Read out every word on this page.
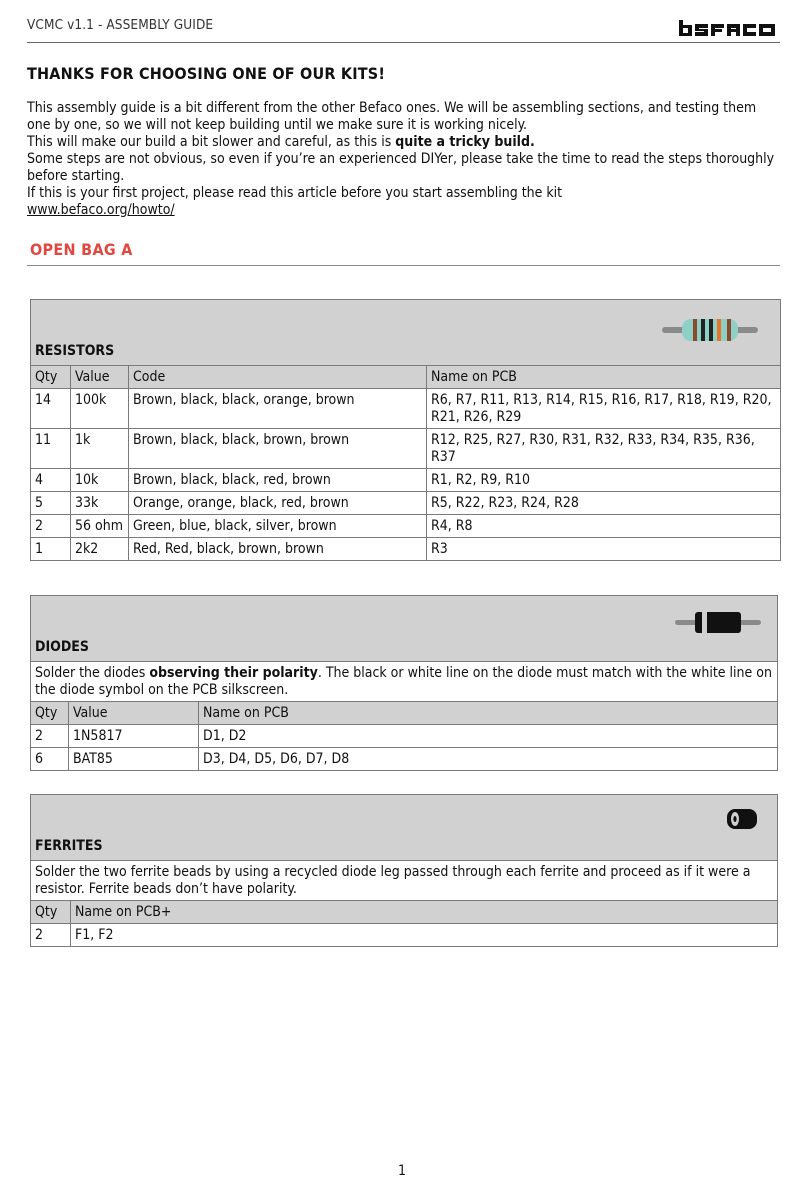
VCMC v1.1 - ASSEMBLY GUIDE
THANKS FOR CHOOSING ONE OF OUR KITS!

This assembly guide is a bit different from the other Befaco ones. We will be assembling sections, and testing them one by one, so we will not keep building until we make sure it is working nicely.

This will make our build a bit slower and careful, as this is quite a tricky build.

Some steps are not obvious, so even if you’re an experienced DIYer, please take the time to read the steps thoroughly before starting.

If this is your first project, please read this article before you start assembling the kit

www.befaco.org/howto/

OPEN BAG A
RESISTORS			

Qty	Value	Code	Name on PCB
14	100k	Brown, black, black, orange, brown	R6, R7, R11, R13, R14, R15, R16, R17, R18, R19, R20, R21, R26, R29
11	1k	Brown, black, black, brown, brown	R12, R25, R27, R30, R31, R32, R33, R34, R35, R36, R37
4	10k	Brown, black, black, red, brown	R1, R2, R9, R10
5	33k	Orange, orange, black, red, brown	R5, R22, R23, R24, R28
2	56 ohm	Green, blue, black, silver, brown	R4, R8
1	2k2	Red, Red, black, brown, brown	R3
DIODES		

Solder the diodes observing their polarity. The black or white line on the diode must match with the white line on the diode symbol on the PCB silkscreen.		
Qty	Value	Name on PCB
2	1N5817	D1, D2
6	BAT85	D3, D4, D5, D6, D7, D8
FERRITES	

Solder the two ferrite beads by using a recycled diode leg passed through each ferrite and proceed as if it were a resistor. Ferrite beads don’t have polarity.	
Qty	Name on PCB+
2	F1, F2
1
